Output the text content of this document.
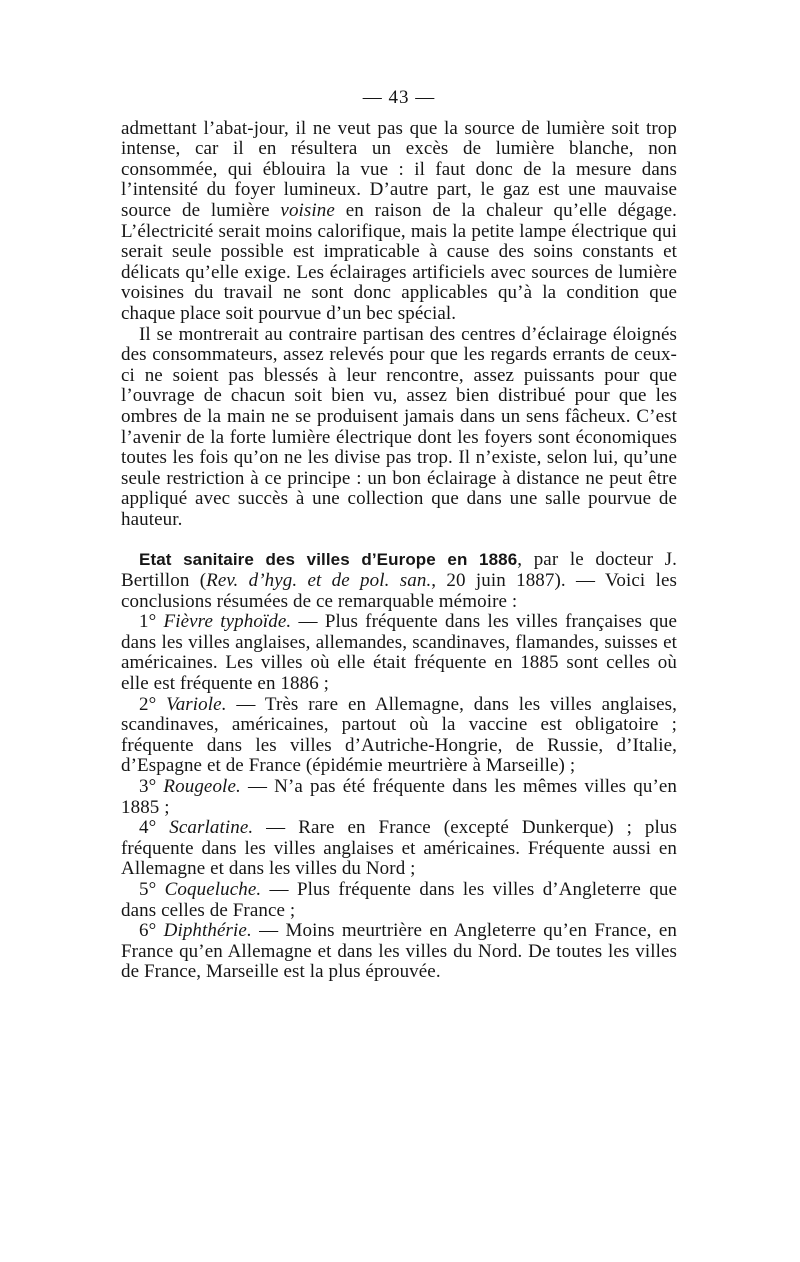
— 43 —

admettant l’abat-jour, il ne veut pas que la source de lumière soit trop intense, car il en résultera un excès de lumière blanche, non consommée, qui éblouira la vue : il faut donc de la mesure dans l’intensité du foyer lumineux. D’autre part, le gaz est une mauvaise source de lumière voisine en raison de la chaleur qu’elle dégage. L’électricité serait moins calorifique, mais la petite lampe électrique qui serait seule possible est impraticable à cause des soins constants et délicats qu’elle exige. Les éclairages artificiels avec sources de lumière voisines du travail ne sont donc applicables qu’à la condition que chaque place soit pourvue d’un bec spécial.

Il se montrerait au contraire partisan des centres d’éclairage éloignés des consommateurs, assez relevés pour que les regards errants de ceux-ci ne soient pas blessés à leur rencontre, assez puissants pour que l’ouvrage de chacun soit bien vu, assez bien distribué pour que les ombres de la main ne se produisent jamais dans un sens fâcheux. C’est l’avenir de la forte lumière électrique dont les foyers sont économiques toutes les fois qu’on ne les divise pas trop. Il n’existe, selon lui, qu’une seule restriction à ce principe : un bon éclairage à distance ne peut être appliqué avec succès à une collection que dans une salle pourvue de hauteur.

Etat sanitaire des villes d’Europe en 1886, par le docteur J. Bertillon (Rev. d’hyg. et de pol. san., 20 juin 1887). — Voici les conclusions résumées de ce remarquable mémoire :

1° Fièvre typhoïde. — Plus fréquente dans les villes françaises que dans les villes anglaises, allemandes, scandinaves, flamandes, suisses et américaines. Les villes où elle était fréquente en 1885 sont celles où elle est fréquente en 1886 ;

2° Variole. — Très rare en Allemagne, dans les villes anglaises, scandinaves, américaines, partout où la vaccine est obligatoire ; fréquente dans les villes d’Autriche-Hongrie, de Russie, d’Italie, d’Espagne et de France (épidémie meurtrière à Marseille) ;

3° Rougeole. — N’a pas été fréquente dans les mêmes villes qu’en 1885 ;

4° Scarlatine. — Rare en France (excepté Dunkerque) ; plus fréquente dans les villes anglaises et américaines. Fréquente aussi en Allemagne et dans les villes du Nord ;

5° Coqueluche. — Plus fréquente dans les villes d’Angleterre que dans celles de France ;

6° Diphthérie. — Moins meurtrière en Angleterre qu’en France, en France qu’en Allemagne et dans les villes du Nord. De toutes les villes de France, Marseille est la plus éprouvée.
